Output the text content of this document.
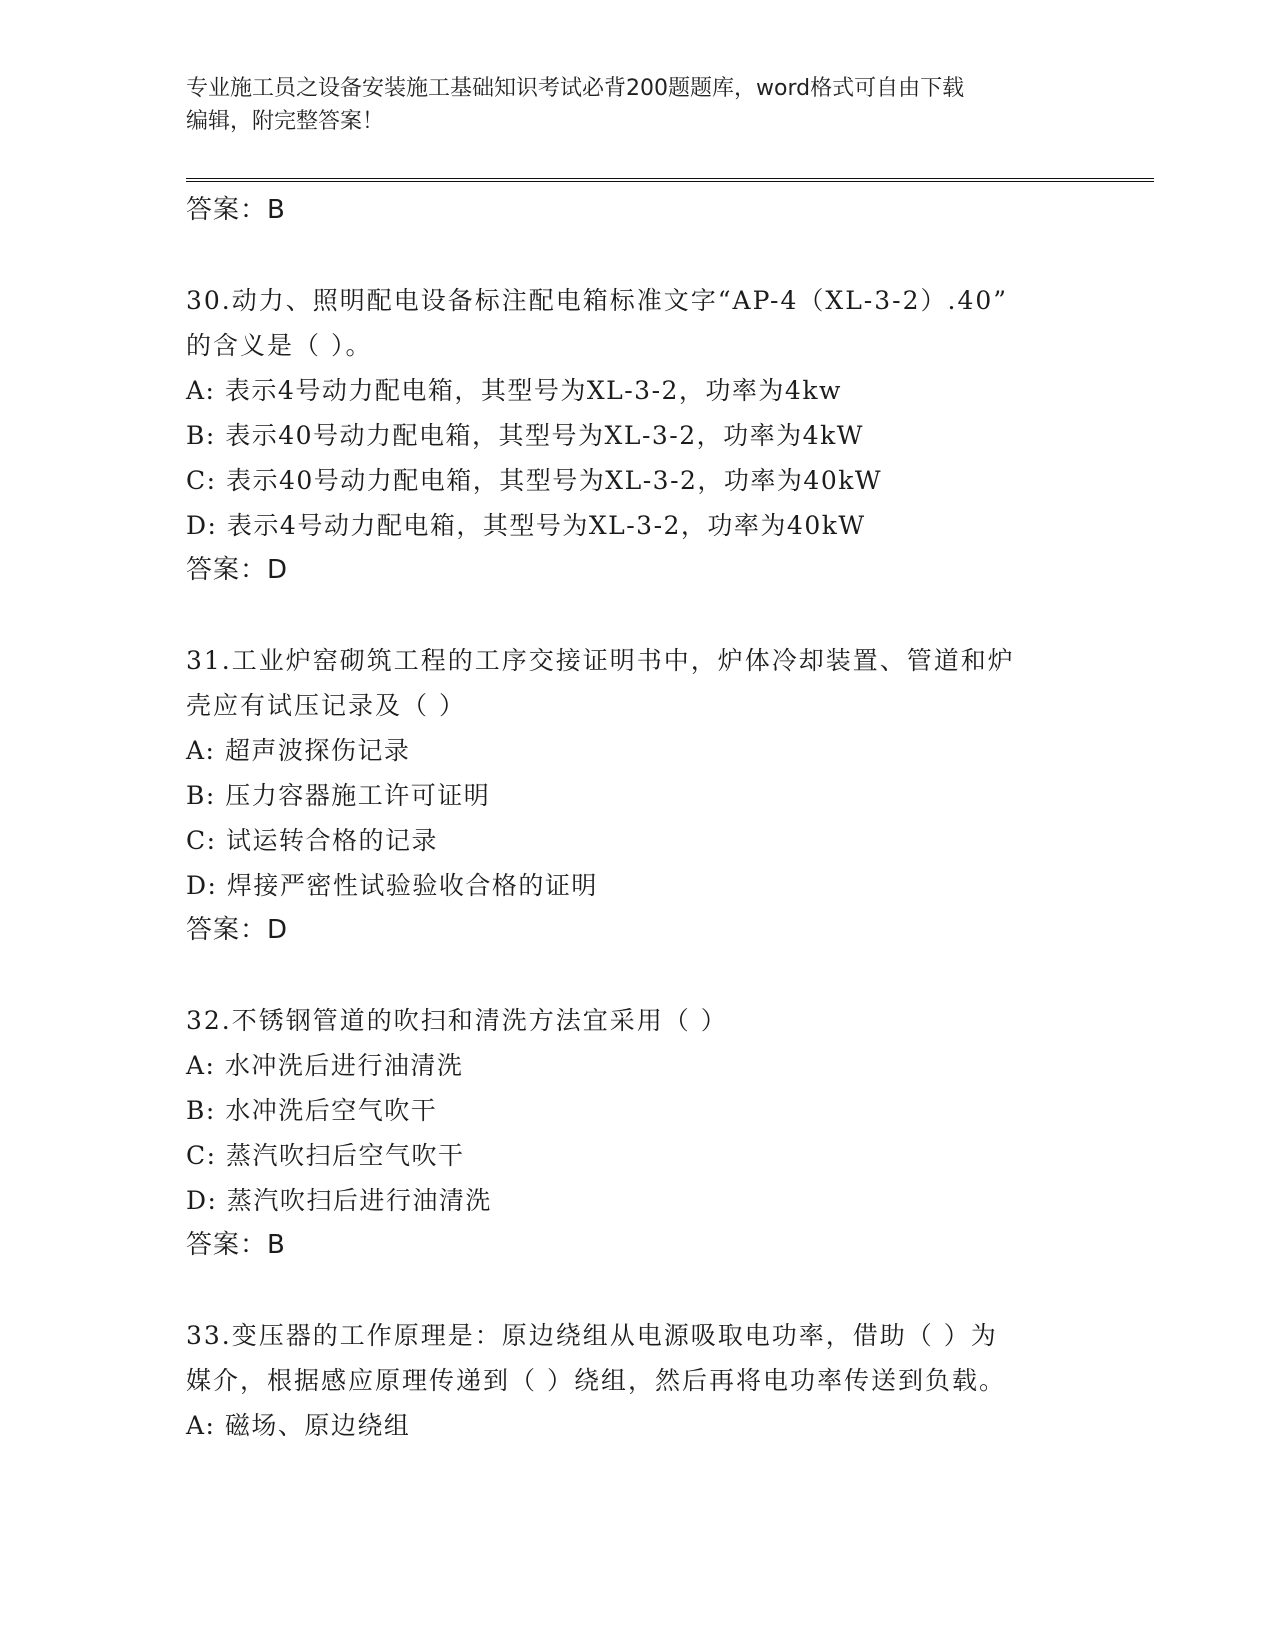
专业施工员之设备安装施工基础知识考试必背200题题库，word格式可自由下载
编辑，附完整答案！
答案：B
30.动力、照明配电设备标注配电箱标准文字“AP-4（XL-3-2）.40”
的含义是（ ）。
A: 表示4号动力配电箱，其型号为XL-3-2，功率为4kw
B: 表示40号动力配电箱，其型号为XL-3-2，功率为4kW
C: 表示40号动力配电箱，其型号为XL-3-2，功率为40kW
D: 表示4号动力配电箱，其型号为XL-3-2，功率为40kW
答案：D
31.工业炉窑砌筑工程的工序交接证明书中，炉体冷却装置、管道和炉
壳应有试压记录及（ ）
A: 超声波探伤记录
B: 压力容器施工许可证明
C: 试运转合格的记录
D: 焊接严密性试验验收合格的证明
答案：D
32.不锈钢管道的吹扫和清洗方法宜采用（ ）
A: 水冲洗后进行油清洗
B: 水冲洗后空气吹干
C: 蒸汽吹扫后空气吹干
D: 蒸汽吹扫后进行油清洗
答案：B
33.变压器的工作原理是：原边绕组从电源吸取电功率，借助（ ）为
媒介，根据感应原理传递到（ ）绕组，然后再将电功率传送到负载。
A: 磁场、原边绕组
